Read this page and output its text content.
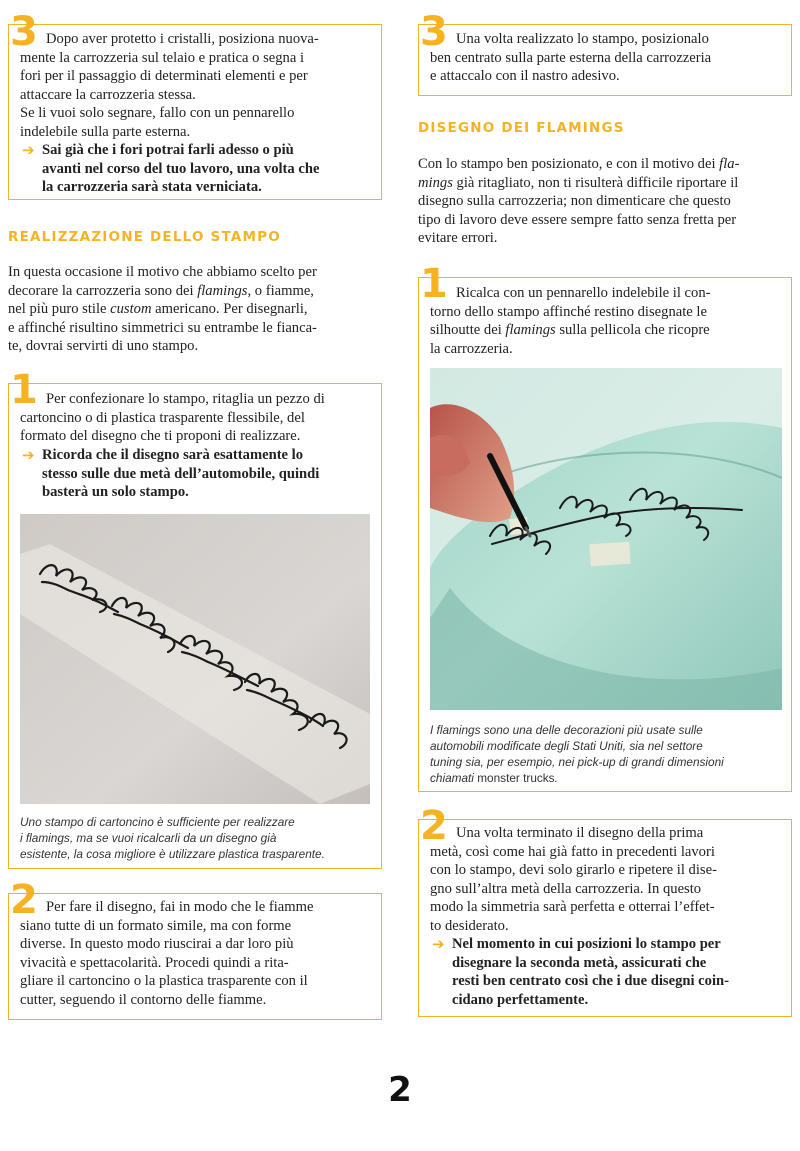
3 Dopo aver protetto i cristalli, posiziona nuova-
mente la carrozzeria sul telaio e pratica o segna i
fori per il passaggio di determinati elementi e per
attaccare la carrozzeria stessa.
Se li vuoi solo segnare, fallo con un pennarello
indelebile sulla parte esterna.

➔ Sai già che i fori potrai farli adesso o più
avanti nel corso del tuo lavoro, una volta che
la carrozzeria sarà stata verniciata.

REALIZZAZIONE DELLO STAMPO

In questa occasione il motivo che abbiamo scelto per
decorare la carrozzeria sono dei flamings, o fiamme,
nel più puro stile custom americano. Per disegnarli,
e affinché risultino simmetrici su entrambe le fianca-
te, dovrai servirti di uno stampo.

1 Per confezionare lo stampo, ritaglia un pezzo di
cartoncino o di plastica trasparente flessibile, del
formato del disegno che ti proponi di realizzare.

➔ Ricorda che il disegno sarà esattamente lo
stesso sulle due metà dell’automobile, quindi
basterà un solo stampo.

Uno stampo di cartoncino è sufficiente per realizzare
i flamings, ma se vuoi ricalcarli da un disegno già
esistente, la cosa migliore è utilizzare plastica trasparente.

2 Per fare il disegno, fai in modo che le fiamme
siano tutte di un formato simile, ma con forme
diverse. In questo modo riuscirai a dar loro più
vivacità e spettacolarità. Procedi quindi a rita-
gliare il cartoncino o la plastica trasparente con il
cutter, seguendo il contorno delle fiamme.

3 Una volta realizzato lo stampo, posizionalo
ben centrato sulla parte esterna della carrozzeria
e attaccalo con il nastro adesivo.

DISEGNO DEI FLAMINGS

Con lo stampo ben posizionato, e con il motivo dei fla-
mings già ritagliato, non ti risulterà difficile riportare il
disegno sulla carrozzeria; non dimenticare che questo
tipo di lavoro deve essere sempre fatto senza fretta per
evitare errori.

1 Ricalca con un pennarello indelebile il con-
torno dello stampo affinché restino disegnate le
silhoutte dei flamings sulla pellicola che ricopre
la carrozzeria.

I flamings sono una delle decorazioni più usate sulle
automobili modificate degli Stati Uniti, sia nel settore
tuning sia, per esempio, nei pick-up di grandi dimensioni
chiamati monster trucks.

2 Una volta terminato il disegno della prima
metà, così come hai già fatto in precedenti lavori
con lo stampo, devi solo girarlo e ripetere il dise-
gno sull’altra metà della carrozzeria. In questo
modo la simmetria sarà perfetta e otterrai l’effet-
to desiderato.

➔ Nel momento in cui posizioni lo stampo per
disegnare la seconda metà, assicurati che
resti ben centrato così che i due disegni coin-
cidano perfettamente.

2
